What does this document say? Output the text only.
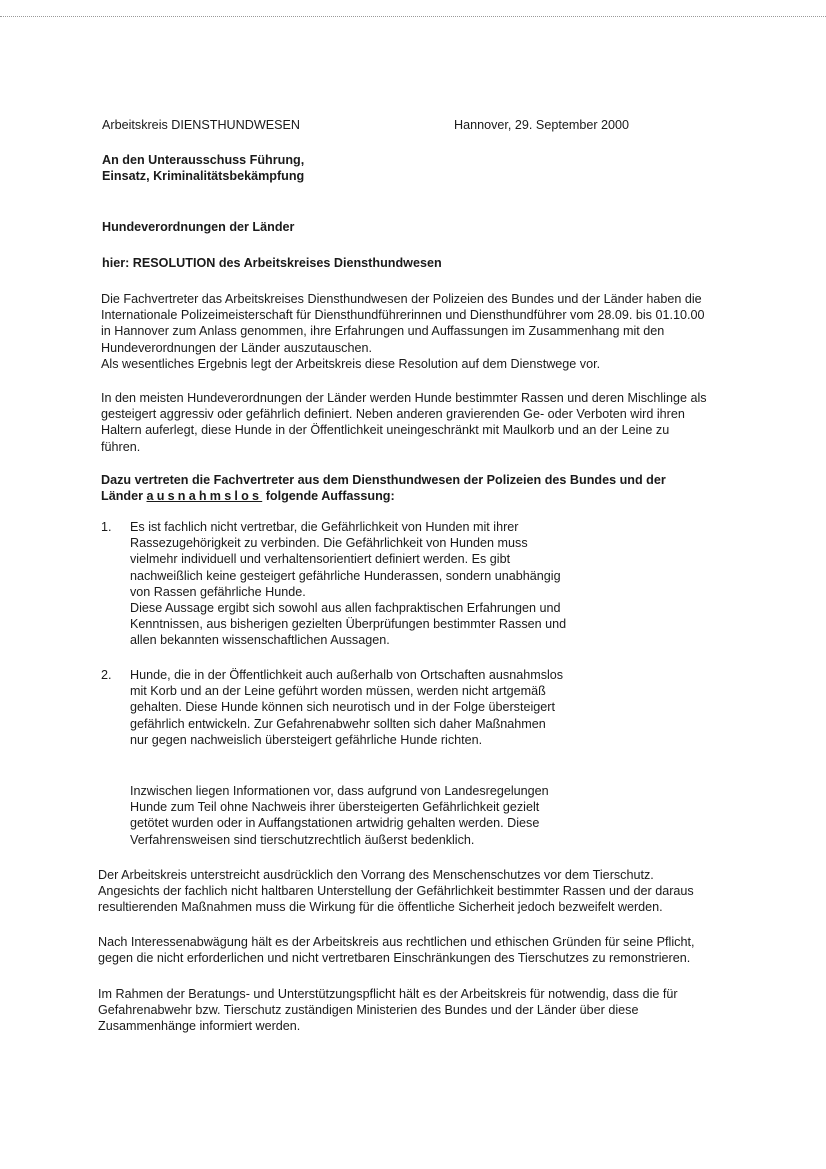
Arbeitskreis DIENSTHUNDWESEN	Hannover, 29. September 2000

An den Unterausschuss Führung,
Einsatz, Kriminalitätsbekämpfung

Hundeverordnungen der Länder

hier: RESOLUTION des Arbeitskreises Diensthundwesen

Die Fachvertreter das Arbeitskreises Diensthundwesen der Polizeien des Bundes und der Länder haben die
Internationale Polizeimeisterschaft für Diensthundführerinnen und Diensthundführer vom 28.09. bis 01.10.00
in Hannover zum Anlass genommen, ihre Erfahrungen und Auffassungen im Zusammenhang mit den
Hundeverordnungen der Länder auszutauschen.
Als wesentliches Ergebnis legt der Arbeitskreis diese Resolution auf dem Dienstwege vor.
In den meisten Hundeverordnungen der Länder werden Hunde bestimmter Rassen und deren Mischlinge als
gesteigert aggressiv oder gefährlich definiert. Neben anderen gravierenden Ge- oder Verboten wird ihren
Haltern auferlegt, diese Hunde in der Öffentlichkeit uneingeschränkt mit Maulkorb und an der Leine zu
führen.
Dazu vertreten die Fachvertreter aus dem Diensthundwesen der Polizeien des Bundes und der
Länder ausnahmslos folgende Auffassung:
1.	Es ist fachlich nicht vertretbar, die Gefährlichkeit von Hunden mit ihrer
Rassezugehörigkeit zu verbinden. Die Gefährlichkeit von Hunden muss
vielmehr individuell und verhaltensorientiert definiert werden. Es gibt
nachweißlich keine gesteigert gefährliche Hunderassen, sondern unabhängig
von Rassen gefährliche Hunde.
Diese Aussage ergibt sich sowohl aus allen fachpraktischen Erfahrungen und
Kenntnissen, aus bisherigen gezielten Überprüfungen bestimmter Rassen und
allen bekannten wissenschaftlichen Aussagen.
2.	Hunde, die in der Öffentlichkeit auch außerhalb von Ortschaften ausnahmslos
mit Korb und an der Leine geführt worden müssen, werden nicht artgemäß
gehalten. Diese Hunde können sich neurotisch und in der Folge übersteigert
gefährlich entwickeln. Zur Gefahrenabwehr sollten sich daher Maßnahmen
nur gegen nachweislich übersteigert gefährliche Hunde richten.
Inzwischen liegen Informationen vor, dass aufgrund von Landesregelungen
Hunde zum Teil ohne Nachweis ihrer übersteigerten Gefährlichkeit gezielt
getötet wurden oder in Auffangstationen artwidrig gehalten werden. Diese
Verfahrensweisen sind tierschutzrechtlich äußerst bedenklich.
Der Arbeitskreis unterstreicht ausdrücklich den Vorrang des Menschenschutzes vor dem Tierschutz.
Angesichts der fachlich nicht haltbaren Unterstellung der Gefährlichkeit bestimmter Rassen und der daraus
resultierenden Maßnahmen muss die Wirkung für die öffentliche Sicherheit jedoch bezweifelt werden.
Nach Interessenabwägung hält es der Arbeitskreis aus rechtlichen und ethischen Gründen für seine Pflicht,
gegen die nicht erforderlichen und nicht vertretbaren Einschränkungen des Tierschutzes zu remonstrieren.
Im Rahmen der Beratungs- und Unterstützungspflicht hält es der Arbeitskreis für notwendig, dass die für
Gefahrenabwehr bzw. Tierschutz zuständigen Ministerien des Bundes und der Länder über diese
Zusammenhänge informiert werden.
